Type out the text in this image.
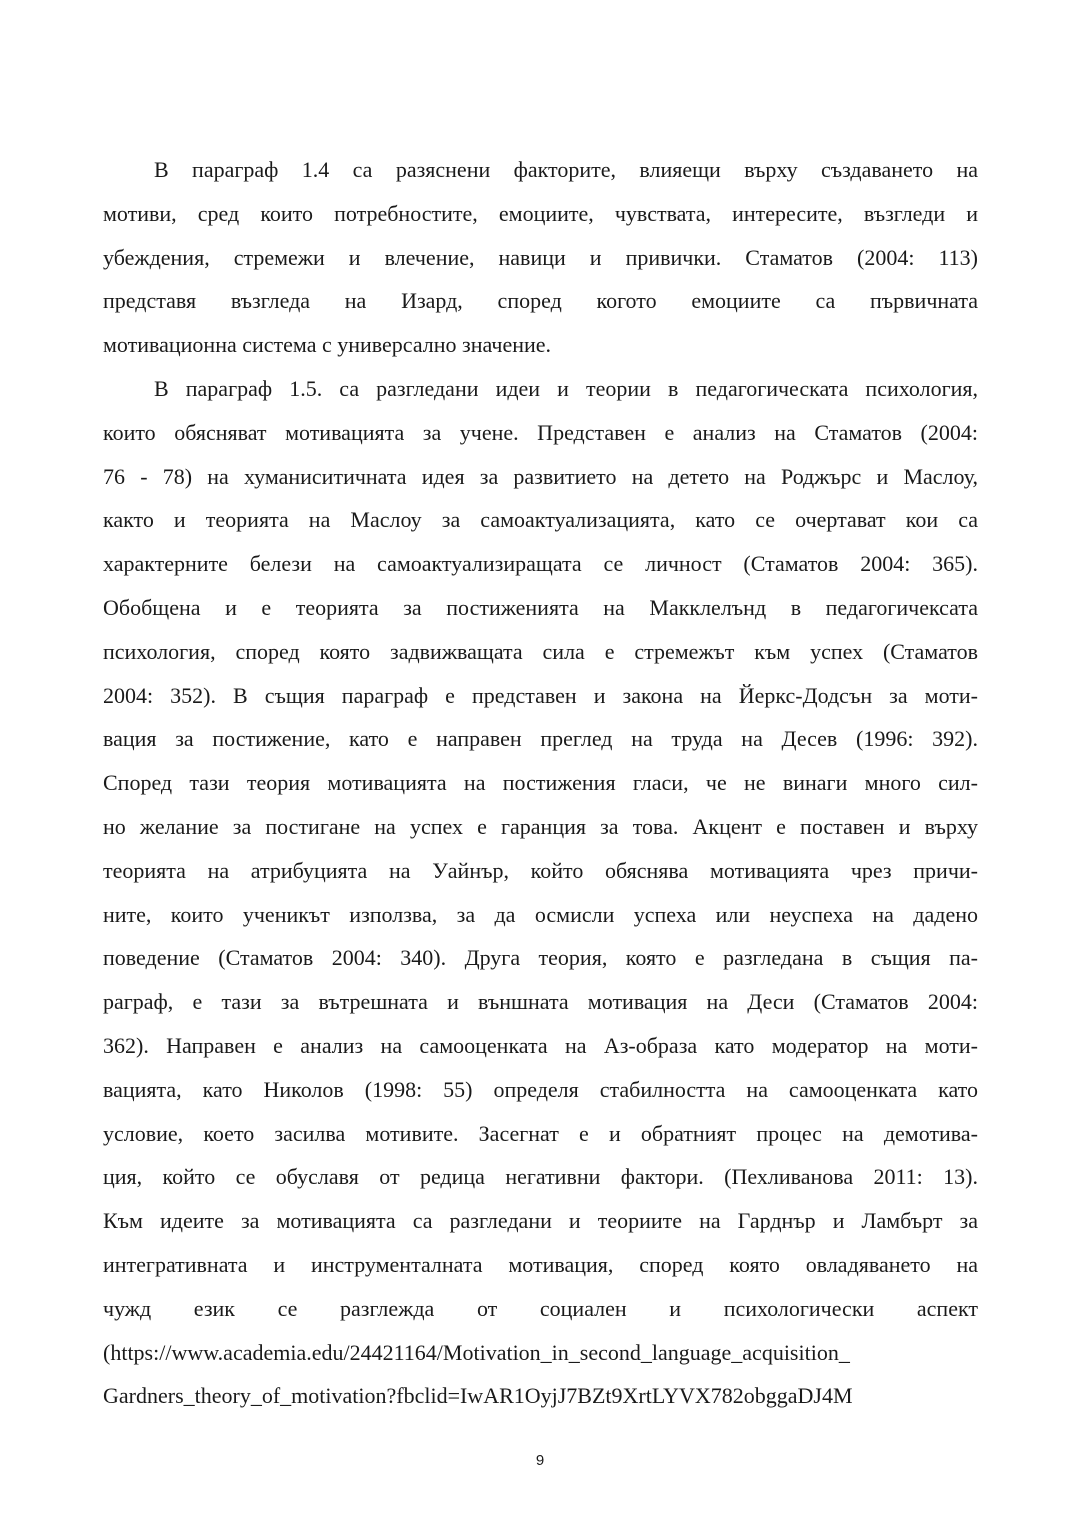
В параграф 1.4 са разяснени факторите, влияещи върху създаването на
мотиви, сред които потребностите, емоциите, чувствата, интересите, възгледи и
убеждения, стремежи и влечение, навици и привички. Стаматов (2004: 113)
представя възгледа на Изард, според когото емоциите са първичната
мотивационна система с универсално значение.
В параграф 1.5. са разгледани идеи и теории в педагогическата психология,
които обясняват мотивацията за учене. Представен е анализ на Стаматов (2004:
76 - 78) на хуманиситичната идея за развитието на детето на Роджърс и Маслоу,
както и теорията на Маслоу за самоактуализацията, като се очертават кои са
характерните белези на самоактуализиращата се личност (Стаматов 2004: 365).
Обобщена и е теорията за постиженията на Макклелънд в педагогичексата
психология, според която задвижващата сила е стремежът към успех (Стаматов
2004: 352). В същия параграф е представен и закона на Йеркс-Додсън за моти-
вация за постижение, като е направен преглед на труда на Десев (1996: 392).
Според тази теория мотивацията на постижения гласи, че не винаги много сил-
но желание за постигане на успех е гаранция за това. Акцент е поставен и върху
теорията на атрибуцията на Уайнър, който обяснява мотивацията чрез причи-
ните, които ученикът използва, за да осмисли успеха или неуспеха на дадено
поведение (Стаматов 2004: 340). Друга теория, която е разгледана в същия па-
раграф, е тази за вътрешната и външната мотивация на Деси (Стаматов 2004:
362). Направен е анализ на самооценката на Аз-образа като модератор на моти-
вацията, като Николов (1998: 55) определя стабилността на самооценката като
условие, което засилва мотивите. Засегнат е и обратният процес на демотива-
ция, който се обуславя от редица негативни фактори. (Пехливанова 2011: 13).
Към идеите за мотивацията са разгледани и теориите на Гарднър и Ламбърт за
интегративната и инструменталната мотивация, според която овладяването на
чужд език се разглежда от социален и психологически аспект
(https://www.academia.edu/24421164/Motivation_in_second_language_acquisition_
Gardners_theory_of_motivation?fbclid=IwAR1OyjJ7BZt9XrtLYVX782obggaDJ4M
9
